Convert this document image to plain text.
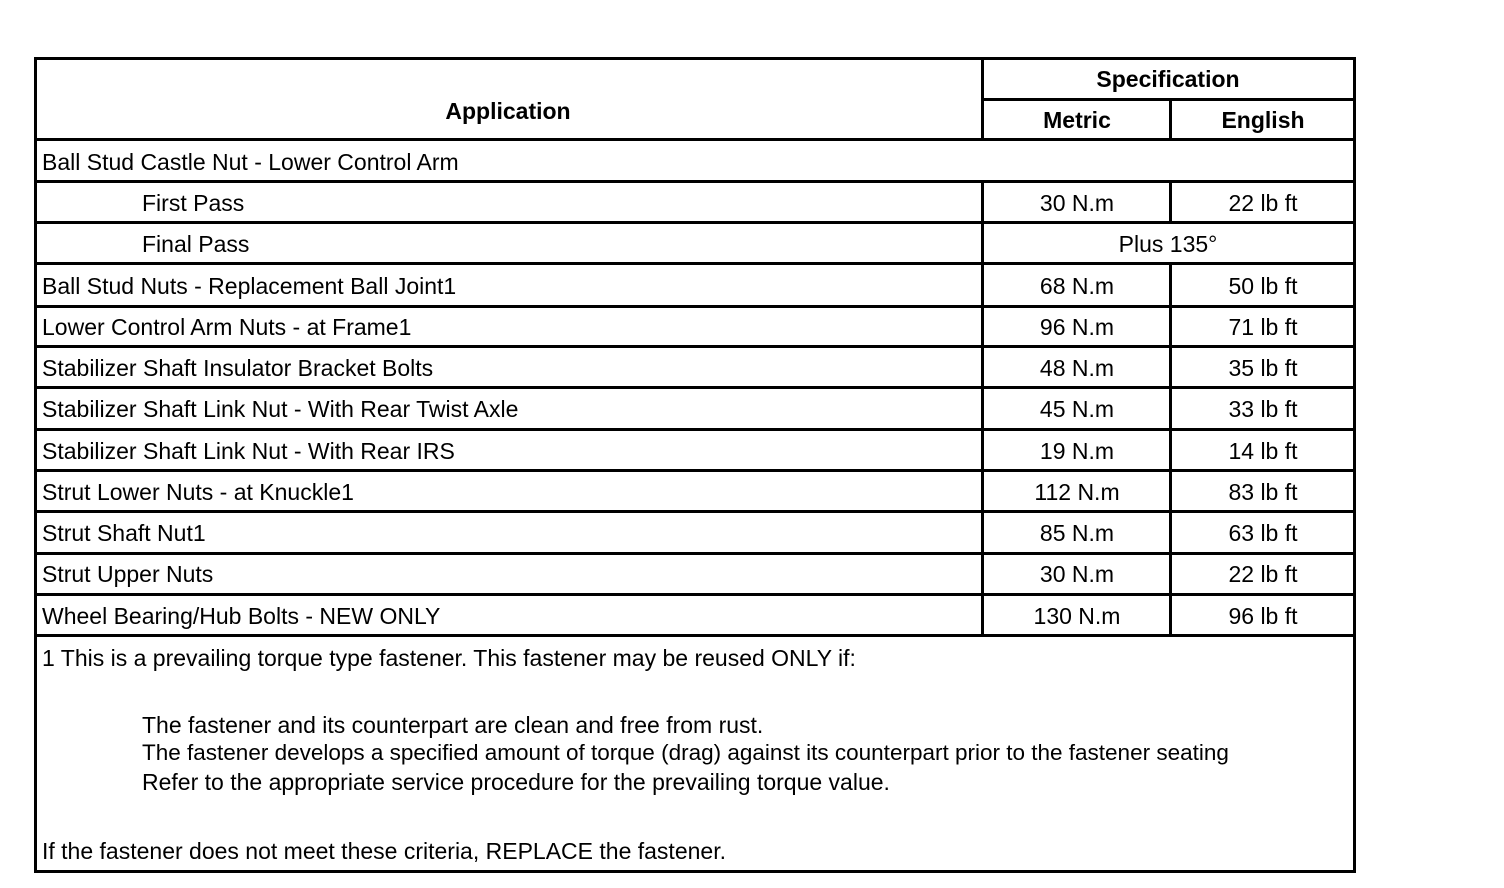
Application
Specification
Metric	English
Ball Stud Castle Nut - Lower Control Arm
First Pass	30 N.m	22 lb ft
Final Pass	Plus 135°
Ball Stud Nuts - Replacement Ball Joint1	68 N.m	50 lb ft
Lower Control Arm Nuts - at Frame1	96 N.m	71 lb ft
Stabilizer Shaft Insulator Bracket Bolts	48 N.m	35 lb ft
Stabilizer Shaft Link Nut - With Rear Twist Axle	45 N.m	33 lb ft
Stabilizer Shaft Link Nut - With Rear IRS	19 N.m	14 lb ft
Strut Lower Nuts - at Knuckle1	112 N.m	83 lb ft
Strut Shaft Nut1	85 N.m	63 lb ft
Strut Upper Nuts	30 N.m	22 lb ft
Wheel Bearing/Hub Bolts - NEW ONLY	130 N.m	96 lb ft
1 This is a prevailing torque type fastener. This fastener may be reused ONLY if:
The fastener and its counterpart are clean and free from rust.
The fastener develops a specified amount of torque (drag) against its counterpart prior to the fastener seating
Refer to the appropriate service procedure for the prevailing torque value.
If the fastener does not meet these criteria, REPLACE the fastener.
